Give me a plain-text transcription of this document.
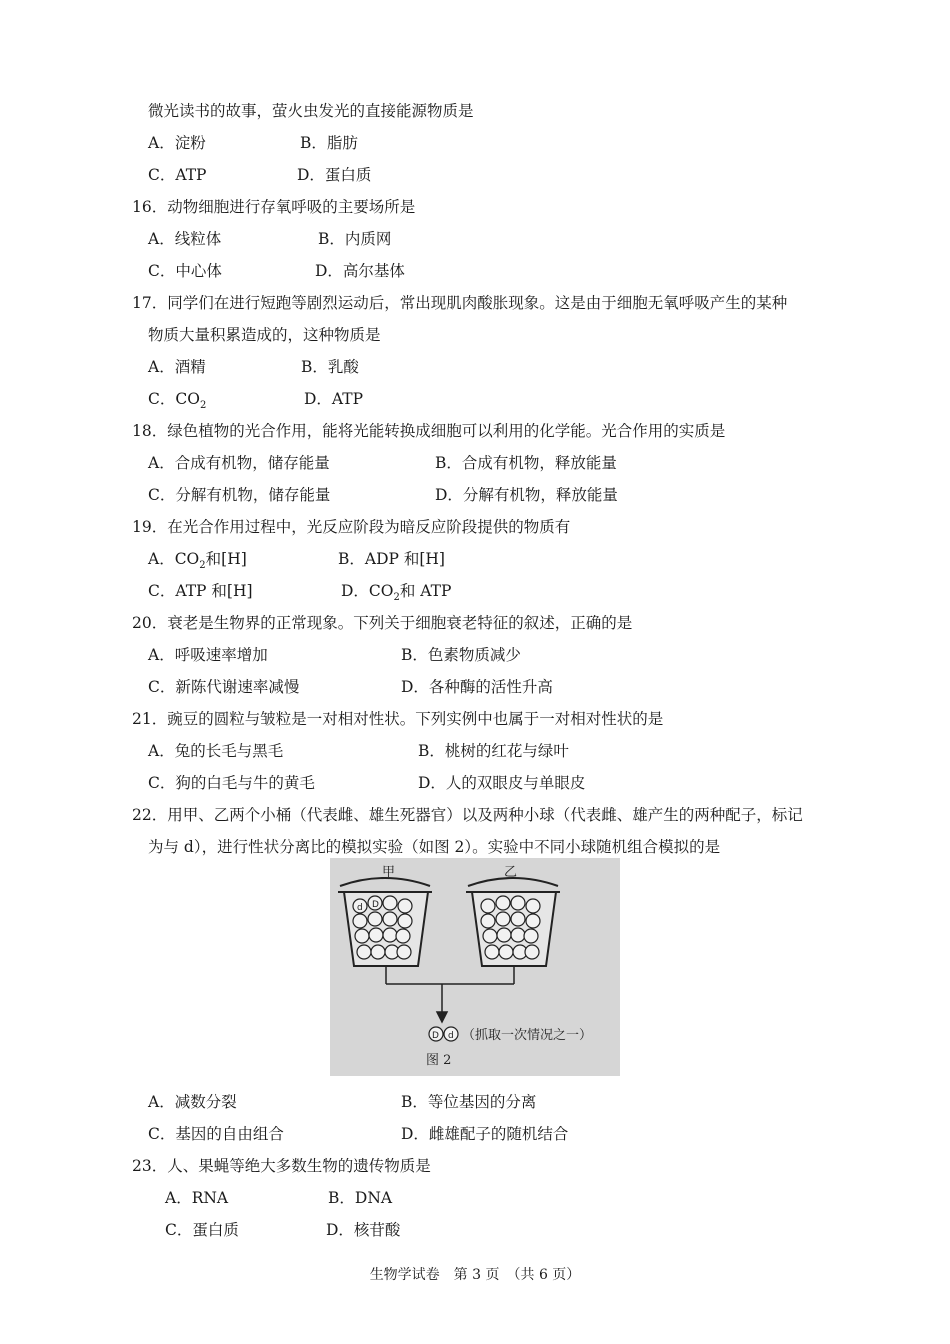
微光读书的故事，萤火虫发光的直接能源物质是
A．淀粉	B．脂肪
C．ATP	D．蛋白质
16．动物细胞进行存氧呼吸的主要场所是
A．线粒体	B．内质网
C．中心体	D．高尔基体
17．同学们在进行短跑等剧烈运动后，常出现肌肉酸胀现象。这是由于细胞无氧呼吸产生的某种
物质大量积累造成的，这种物质是
A．酒精	B．乳酸
C．$CO_2$	D．ATP
18．绿色植物的光合作用，能将光能转换成细胞可以利用的化学能。光合作用的实质是
A．合成有机物，储存能量	B．合成有机物，释放能量
C．分解有机物，储存能量	D．分解有机物，释放能量
19．在光合作用过程中，光反应阶段为暗反应阶段提供的物质有
A．$CO_2$和[H]	B．ADP 和[H]
C．ATP 和[H]	D．$CO_2$和 ATP
20．衰老是生物界的正常现象。下列关于细胞衰老特征的叙述，正确的是
A．呼吸速率增加	B．色素物质减少
C．新陈代谢速率减慢	D．各种酶的活性升高
21．豌豆的圆粒与皱粒是一对相对性状。下列实例中也属于一对相对性状的是
A．兔的长毛与黑毛	B．桃树的红花与绿叶
C．狗的白毛与牛的黄毛	D．人的双眼皮与单眼皮
22．用甲、乙两个小桶（代表雌、雄生死器官）以及两种小球（代表雌、雄产生的两种配子，标记
为与 d），进行性状分离比的模拟实验（如图 2）。实验中不同小球随机组合模拟的是
甲	乙
d D
D d （抓取一次情况之一）
图 2
A．减数分裂	B．等位基因的分离
C．基因的自由组合	D．雌雄配子的随机结合
23．人、果蝇等绝大多数生物的遗传物质是
A．RNA	B．DNA
C．蛋白质	D．核苷酸
生物学试卷　第 3 页　（共 6 页）
